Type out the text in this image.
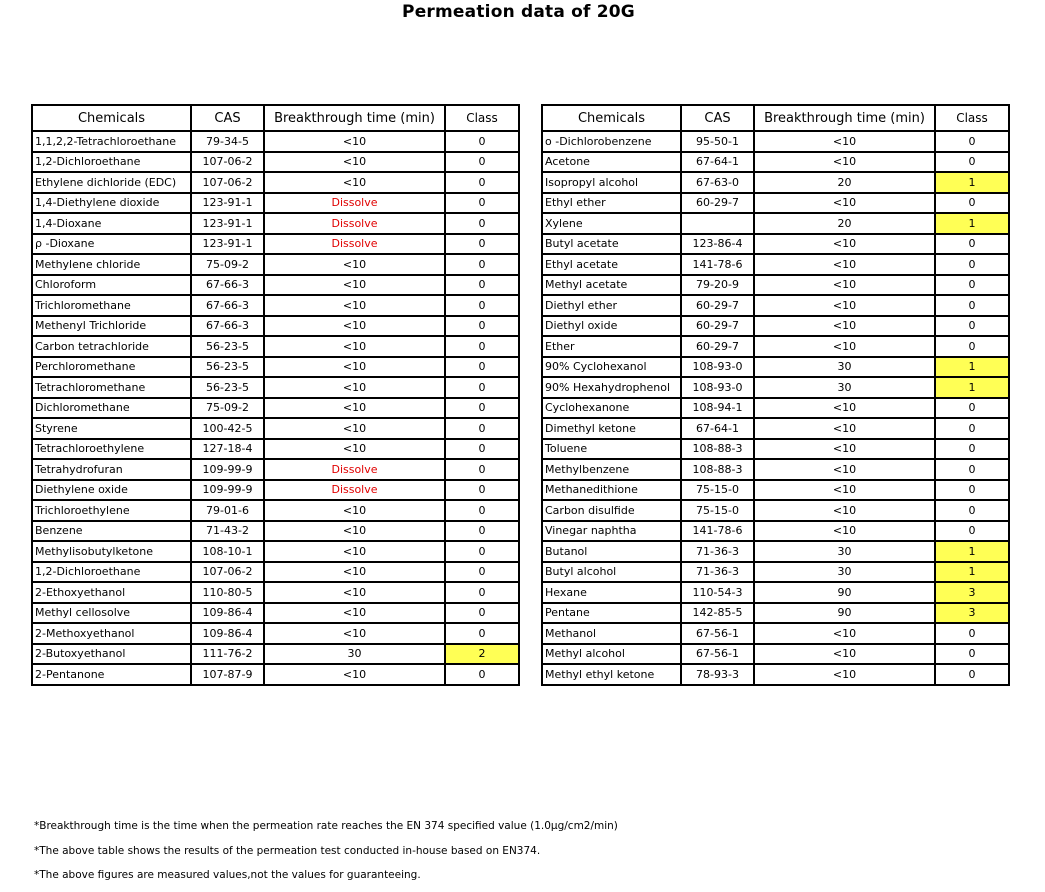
Permeation data of 20G
Chemicals	CAS	Breakthrough time (min)	Class
1,1,2,2-Tetrachloroethane	79-34-5	<10	0
1,2-Dichloroethane	107-06-2	<10	0
Ethylene dichloride (EDC)	107-06-2	<10	0
1,4-Diethylene dioxide	123-91-1	Dissolve	0
1,4-Dioxane	123-91-1	Dissolve	0
ρ -Dioxane	123-91-1	Dissolve	0
Methylene chloride	75-09-2	<10	0
Chloroform	67-66-3	<10	0
Trichloromethane	67-66-3	<10	0
Methenyl Trichloride	67-66-3	<10	0
Carbon tetrachloride	56-23-5	<10	0
Perchloromethane	56-23-5	<10	0
Tetrachloromethane	56-23-5	<10	0
Dichloromethane	75-09-2	<10	0
Styrene	100-42-5	<10	0
Tetrachloroethylene	127-18-4	<10	0
Tetrahydrofuran	109-99-9	Dissolve	0
Diethylene oxide	109-99-9	Dissolve	0
Trichloroethylene	79-01-6	<10	0
Benzene	71-43-2	<10	0
Methylisobutylketone	108-10-1	<10	0
1,2-Dichloroethane	107-06-2	<10	0
2-Ethoxyethanol	110-80-5	<10	0
Methyl cellosolve	109-86-4	<10	0
2-Methoxyethanol	109-86-4	<10	0
2-Butoxyethanol	111-76-2	30	2
2-Pentanone	107-87-9	<10	0
Chemicals	CAS	Breakthrough time (min)	Class
o -Dichlorobenzene	95-50-1	<10	0
Acetone	67-64-1	<10	0
Isopropyl alcohol	67-63-0	20	1
Ethyl ether	60-29-7	<10	0
Xylene		20	1
Butyl acetate	123-86-4	<10	0
Ethyl acetate	141-78-6	<10	0
Methyl acetate	79-20-9	<10	0
Diethyl ether	60-29-7	<10	0
Diethyl oxide	60-29-7	<10	0
Ether	60-29-7	<10	0
90% Cyclohexanol	108-93-0	30	1
90% Hexahydrophenol	108-93-0	30	1
Cyclohexanone	108-94-1	<10	0
Dimethyl ketone	67-64-1	<10	0
Toluene	108-88-3	<10	0
Methylbenzene	108-88-3	<10	0
Methanedithione	75-15-0	<10	0
Carbon disulfide	75-15-0	<10	0
Vinegar naphtha	141-78-6	<10	0
Butanol	71-36-3	30	1
Butyl alcohol	71-36-3	30	1
Hexane	110-54-3	90	3
Pentane	142-85-5	90	3
Methanol	67-56-1	<10	0
Methyl alcohol	67-56-1	<10	0
Methyl ethyl ketone	78-93-3	<10	0
*Breakthrough time is the time when the permeation rate reaches the EN 374 specified value (1.0μg/cm2/min)
*The above table shows the results of the permeation test conducted in-house based on EN374.
*The above figures are measured values,not the values for guaranteeing.
